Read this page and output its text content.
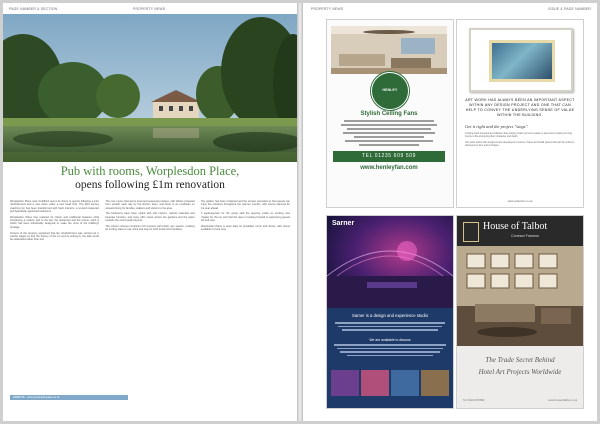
PAGE NUMBER & SECTION	PROPERTY NEWS
Pub with rooms, Worplesdon Place,
opens following £1m renovation

Worplesdon Place near Guildford opens its doors to guests following a £1m refurbishment and a new vision under a new head chef. The 16th century coaching inn has been transformed with fresh interiors, a revived restaurant and beautifully appointed bedrooms.

Worplesdon Place has retained its charm and traditional features while introducing a modern feel to the bar, the restaurant and the rooms, each of which has been individually designed to make the most of the building's heritage.

Owners of the property explained that the refurbishment was carried out in careful stages so that the history of the inn and its setting by the lake would be celebrated rather than lost.

The new menu champions local and seasonal produce, with dishes prepared from scratch each day by the kitchen team, and there is an emphasis on relaxed dining for families, walkers and visitors to the area.

The bedrooms have been styled with soft colours, natural materials and bespoke furniture, and many offer views across the gardens and the water towards the countryside beyond.

The interior scheme combines rich textures with bright, airy spaces, creating an inviting place to eat, drink and stay for both locals and travellers.

The garden has been replanted and the terrace extended so that guests can enjoy the outdoors throughout the warmer months, with events planned for the year ahead.

A spokesperson for the group said the opening marks an exciting new chapter for the inn and that the team is looking forward to welcoming guests old and new.

Worplesdon Place is open daily for breakfast, lunch and dinner, with rooms available to book now.

WEBSITE · www.worplesdonplace.co.uk
PROPERTY NEWS	ISSUE & PAGE NUMBER
HENLEY
Stylish Ceiling Fans
TEL 01235 609 509
www.henleyfan.com
ART WORK HAS ALWAYS BEEN AN IMPORTANT ASPECT WITHIN ANY DESIGN PROJECT AND ONE THAT CAN HELP TO CONVEY THE UNDERLYING SENSE OF VALUE WITHIN THE BUILDING.
Get it right and the project "sings".

A framed and mounted art collection has a large impact on how a space is perceived, helping to bring rooms to life and giving them character and depth.

Our team works with designers and developers to source, frame and install pieces that suit the scheme, delivered on time and to budget.

www.artworks.co.uk
Sarner
Sarner is a design and experience studio
We are available to discuss
House of Talbot
Contract Framers
The Trade Secret Behind
Hotel Art Projects Worldwide
Tel: 01234 567890	www.houseoftalbot.co.uk
